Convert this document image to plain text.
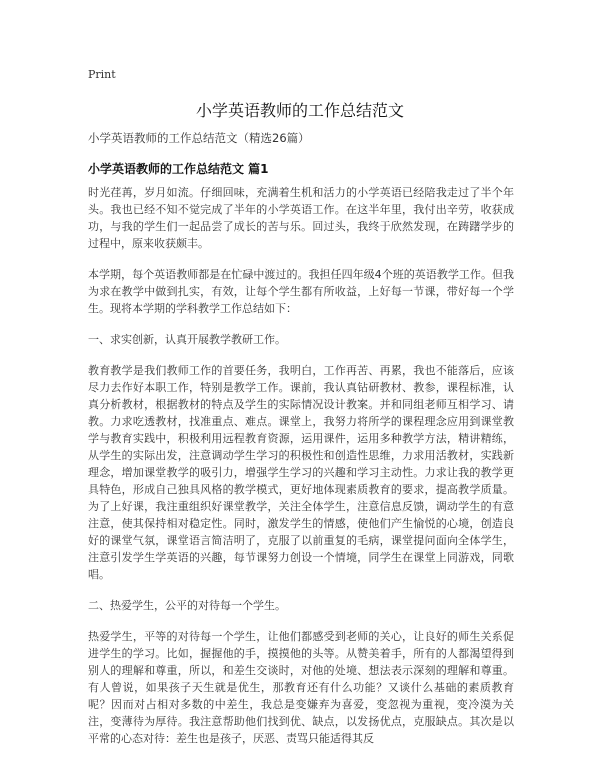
Print
小学英语教师的工作总结范文

小学英语教师的工作总结范文（精选26篇）

小学英语教师的工作总结范文 篇1

时光荏苒，岁月如流。仔细回味，充满着生机和活力的小学英语已经陪我走过了半个年头。我也已经不知不觉完成了半年的小学英语工作。在这半年里，我付出辛劳，收获成功，与我的学生们一起品尝了成长的苦与乐。回过头，我终于欣然发现，在踌躇学步的过程中，原来收获颇丰。

本学期，每个英语教师都是在忙碌中渡过的。我担任四年级4个班的英语教学工作。但我为求在教学中做到扎实，有效，让每个学生都有所收益，上好每一节课，带好每一个学生。现将本学期的学科教学工作总结如下：

一、求实创新，认真开展教学教研工作。

教育教学是我们教师工作的首要任务，我明白，工作再苦、再累，我也不能落后，应该尽力去作好本职工作，特别是教学工作。课前，我认真钻研教材、教参，课程标准，认真分析教材，根据教材的特点及学生的实际情况设计教案。并和同组老师互相学习、请教。力求吃透教材，找准重点、难点。课堂上，我努力将所学的课程理念应用到课堂教学与教育实践中，积极利用远程教育资源，运用课件，运用多种教学方法，精讲精练，从学生的实际出发，注意调动学生学习的积极性和创造性思维，力求用活教材，实践新理念，增加课堂教学的吸引力，增强学生学习的兴趣和学习主动性。力求让我的教学更具特色，形成自己独具风格的教学模式，更好地体现素质教育的要求，提高教学质量。为了上好课，我注重组织好课堂教学，关注全体学生，注意信息反馈，调动学生的有意注意，使其保持相对稳定性。同时，激发学生的情感，使他们产生愉悦的心境，创造良好的课堂气氛，课堂语言简洁明了，克服了以前重复的毛病，课堂提问面向全体学生，注意引发学生学英语的兴趣，每节课努力创设一个情境，同学生在课堂上同游戏，同歌唱。

二、热爱学生，公平的对待每一个学生。

热爱学生，平等的对待每一个学生，让他们都感受到老师的关心，让良好的师生关系促进学生的学习。比如，握握他的手，摸摸他的头等。从赞美着手，所有的人都渴望得到别人的理解和尊重，所以，和差生交谈时，对他的处境、想法表示深刻的理解和尊重。有人曾说，如果孩子天生就是优生，那教育还有什么功能？又谈什么基础的素质教育呢？因而对占相对多数的中差生，我总是变嫌弃为喜爱，变忽视为重视，变冷漠为关注，变薄待为厚待。我注意帮助他们找到优、缺点，以发扬优点，克服缺点。其次是以平常的心态对待：差生也是孩子，厌恶、责骂只能适得其反
